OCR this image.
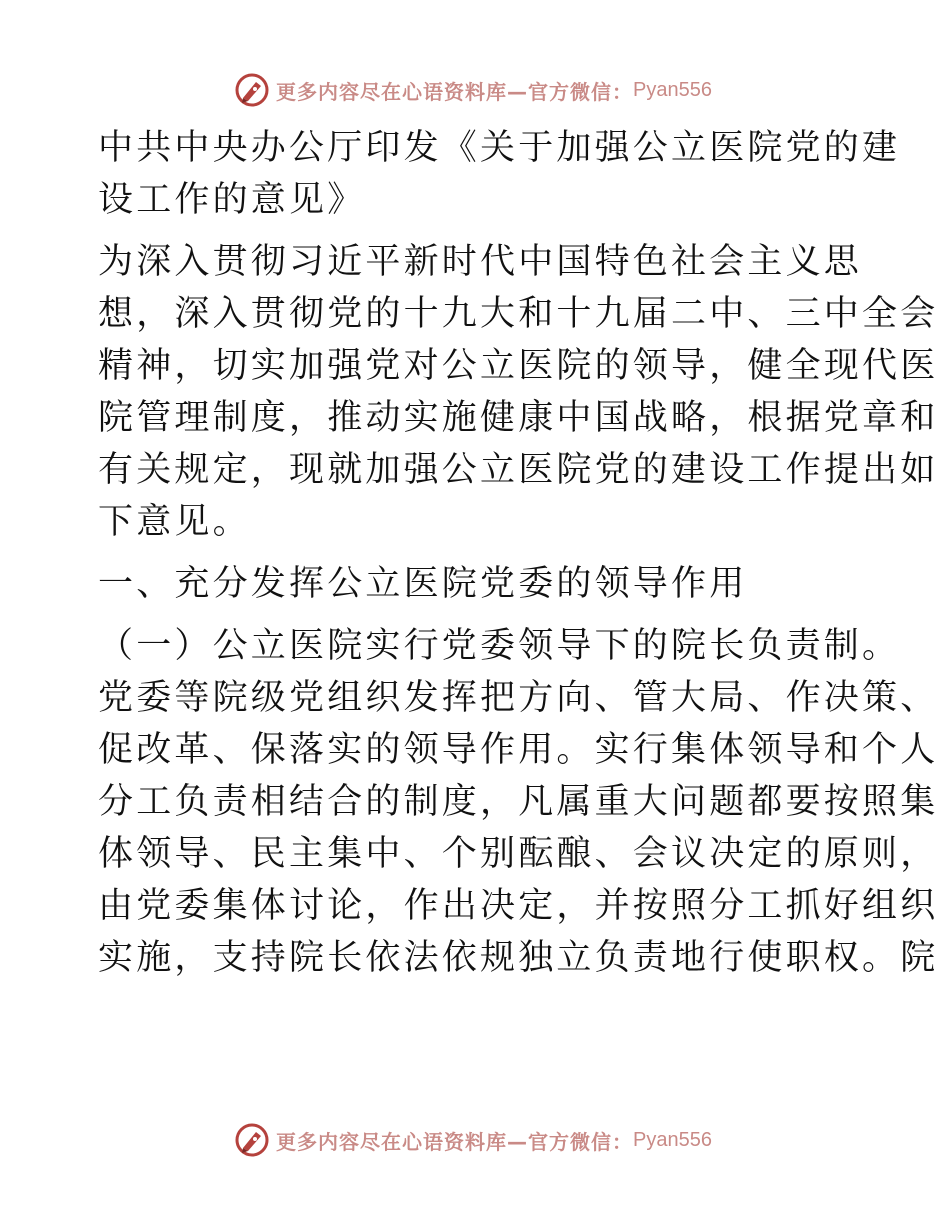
更多内容尽在心语资料库—官方微信： Pyan556
中共中央办公厅印发《关于加强公立医院党的建
设工作的意见》
为深入贯彻习近平新时代中国特色社会主义思
想，深入贯彻党的十九大和十九届二中、三中全会
精神，切实加强党对公立医院的领导，健全现代医
院管理制度，推动实施健康中国战略，根据党章和
有关规定，现就加强公立医院党的建设工作提出如
下意见。
一、充分发挥公立医院党委的领导作用
（一）公立医院实行党委领导下的院长负责制。
党委等院级党组织发挥把方向、管大局、作决策、
促改革、保落实的领导作用。实行集体领导和个人
分工负责相结合的制度，凡属重大问题都要按照集
体领导、民主集中、个别酝酿、会议决定的原则，
由党委集体讨论，作出决定，并按照分工抓好组织
实施，支持院长依法依规独立负责地行使职权。院
更多内容尽在心语资料库—官方微信： Pyan556
